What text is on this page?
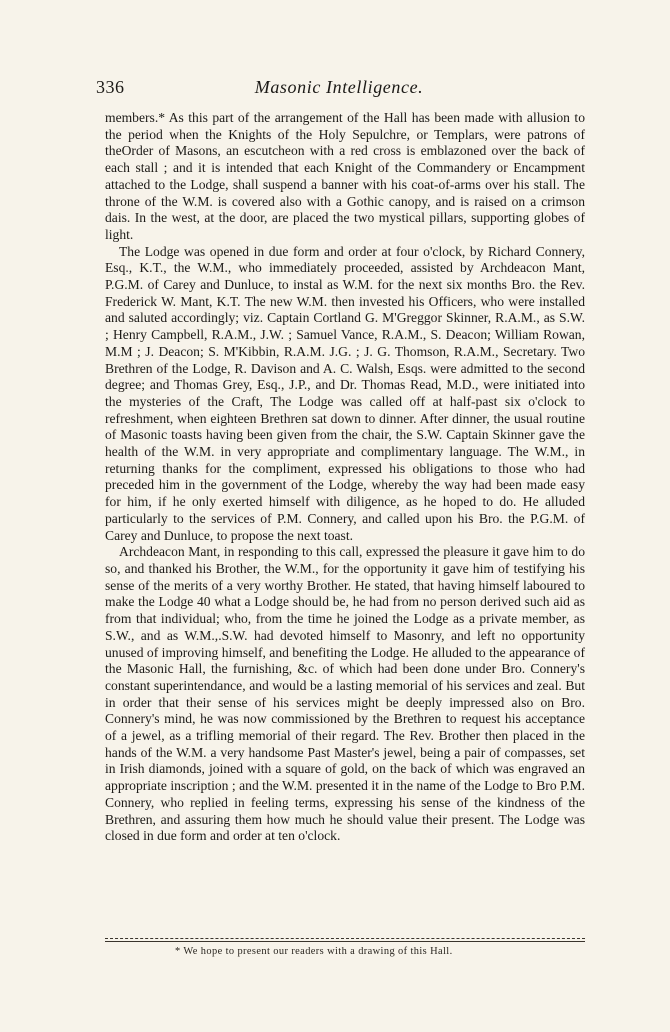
336	Masonic Intelligence.

members.* As this part of the arrangement of the Hall has been made with allusion to the period when the Knights of the Holy Sepulchre, or Templars, were patrons of theOrder of Masons, an escutcheon with a red cross is emblazoned over the back of each stall ; and it is intended that each Knight of the Commandery or Encampment attached to the Lodge, shall suspend a banner with his coat-of-arms over his stall. The throne of the W.M. is covered also with a Gothic canopy, and is raised on a crimson dais. In the west, at the door, are placed the two mystical pillars, supporting globes of light.

The Lodge was opened in due form and order at four o'clock, by Richard Connery, Esq., K.T., the W.M., who immediately proceeded, assisted by Archdeacon Mant, P.G.M. of Carey and Dunluce, to instal as W.M. for the next six months Bro. the Rev. Frederick W. Mant, K.T. The new W.M. then invested his Officers, who were installed and saluted accordingly; viz. Captain Cortland G. M'Greggor Skinner, R.A.M., as S.W. ; Henry Campbell, R.A.M., J.W. ; Samuel Vance, R.A.M., S. Deacon; William Rowan, M.M ; J. Deacon; S. M'Kibbin, R.A.M. J.G. ; J. G. Thomson, R.A.M., Secretary. Two Brethren of the Lodge, R. Davison and A. C. Walsh, Esqs. were admitted to the second degree; and Thomas Grey, Esq., J.P., and Dr. Thomas Read, M.D., were initiated into the mysteries of the Craft, The Lodge was called off at half-past six o'clock to refreshment, when eighteen Brethren sat down to dinner. After dinner, the usual routine of Masonic toasts having been given from the chair, the S.W. Captain Skinner gave the health of the W.M. in very appropriate and complimentary language. The W.M., in returning thanks for the compliment, expressed his obligations to those who had preceded him in the government of the Lodge, whereby the way had been made easy for him, if he only exerted himself with diligence, as he hoped to do. He alluded particularly to the services of P.M. Connery, and called upon his Bro. the P.G.M. of Carey and Dunluce, to propose the next toast.

Archdeacon Mant, in responding to this call, expressed the pleasure it gave him to do so, and thanked his Brother, the W.M., for the opportunity it gave him of testifying his sense of the merits of a very worthy Brother. He stated, that having himself laboured to make the Lodge 40 what a Lodge should be, he had from no person derived such aid as from that individual; who, from the time he joined the Lodge as a private member, as S.W., and as W.M.,.S.W. had devoted himself to Masonry, and left no opportunity unused of improving himself, and benefiting the Lodge. He alluded to the appearance of the Masonic Hall, the furnishing, &c. of which had been done under Bro. Connery's constant superintendance, and would be a lasting memorial of his services and zeal. But in order that their sense of his services might be deeply impressed also on Bro. Connery's mind, he was now commissioned by the Brethren to request his acceptance of a jewel, as a trifling memorial of their regard. The Rev. Brother then placed in the hands of the W.M. a very handsome Past Master's jewel, being a pair of compasses, set in Irish diamonds, joined with a square of gold, on the back of which was engraved an appropriate inscription ; and the W.M. presented it in the name of the Lodge to Bro P.M. Connery, who replied in feeling terms, expressing his sense of the kindness of the Brethren, and assuring them how much he should value their present. The Lodge was closed in due form and order at ten o'clock.

* We hope to present our readers with a drawing of this Hall.
